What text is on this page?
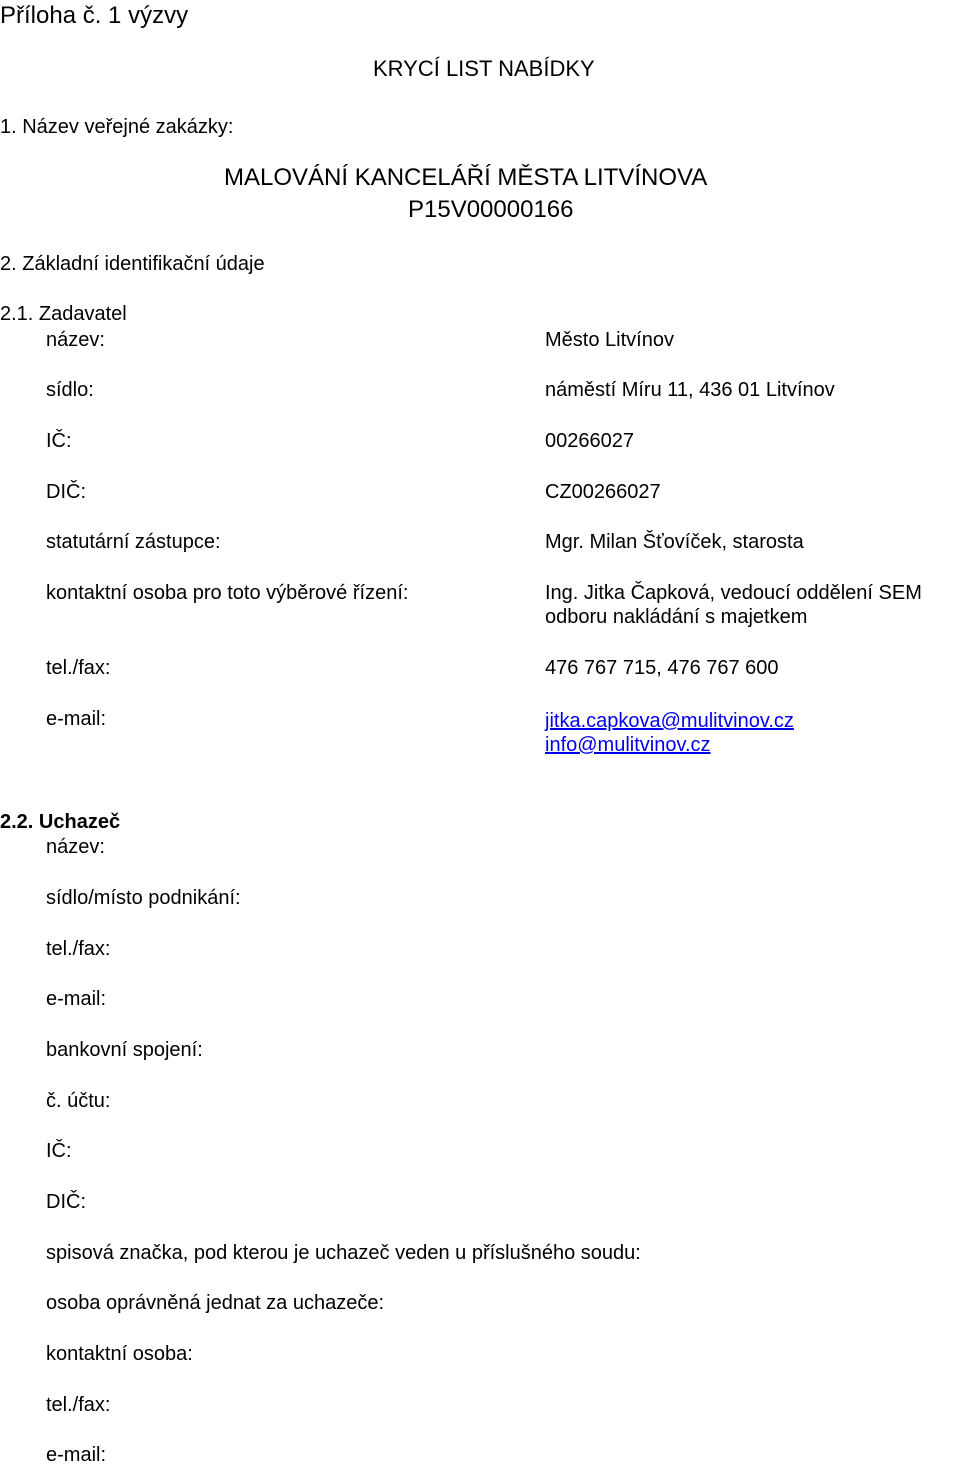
Příloha č. 1 výzvy
KRYCÍ LIST NABÍDKY
1. Název veřejné zakázky:
MALOVÁNÍ KANCELÁŘÍ MĚSTA LITVÍNOVA
P15V00000166
2. Základní identifikační údaje
2.1. Zadavatel
název:	Město Litvínov
sídlo:	náměstí Míru 11, 436 01 Litvínov
IČ:	00266027
DIČ:	CZ00266027
statutární zástupce:	Mgr. Milan Šťovíček, starosta
kontaktní osoba pro toto výběrové řízení:	Ing. Jitka Čapková, vedoucí oddělení SEM
odboru nakládání s majetkem
tel./fax:	476 767 715, 476 767 600
e-mail:	jitka.capkova@mulitvinov.cz
info@mulitvinov.cz
2.2. Uchazeč
název:
sídlo/místo podnikání:
tel./fax:
e-mail:
bankovní spojení:
č. účtu:
IČ:
DIČ:
spisová značka, pod kterou je uchazeč veden u příslušného soudu:
osoba oprávněná jednat za uchazeče:
kontaktní osoba:
tel./fax:
e-mail:
